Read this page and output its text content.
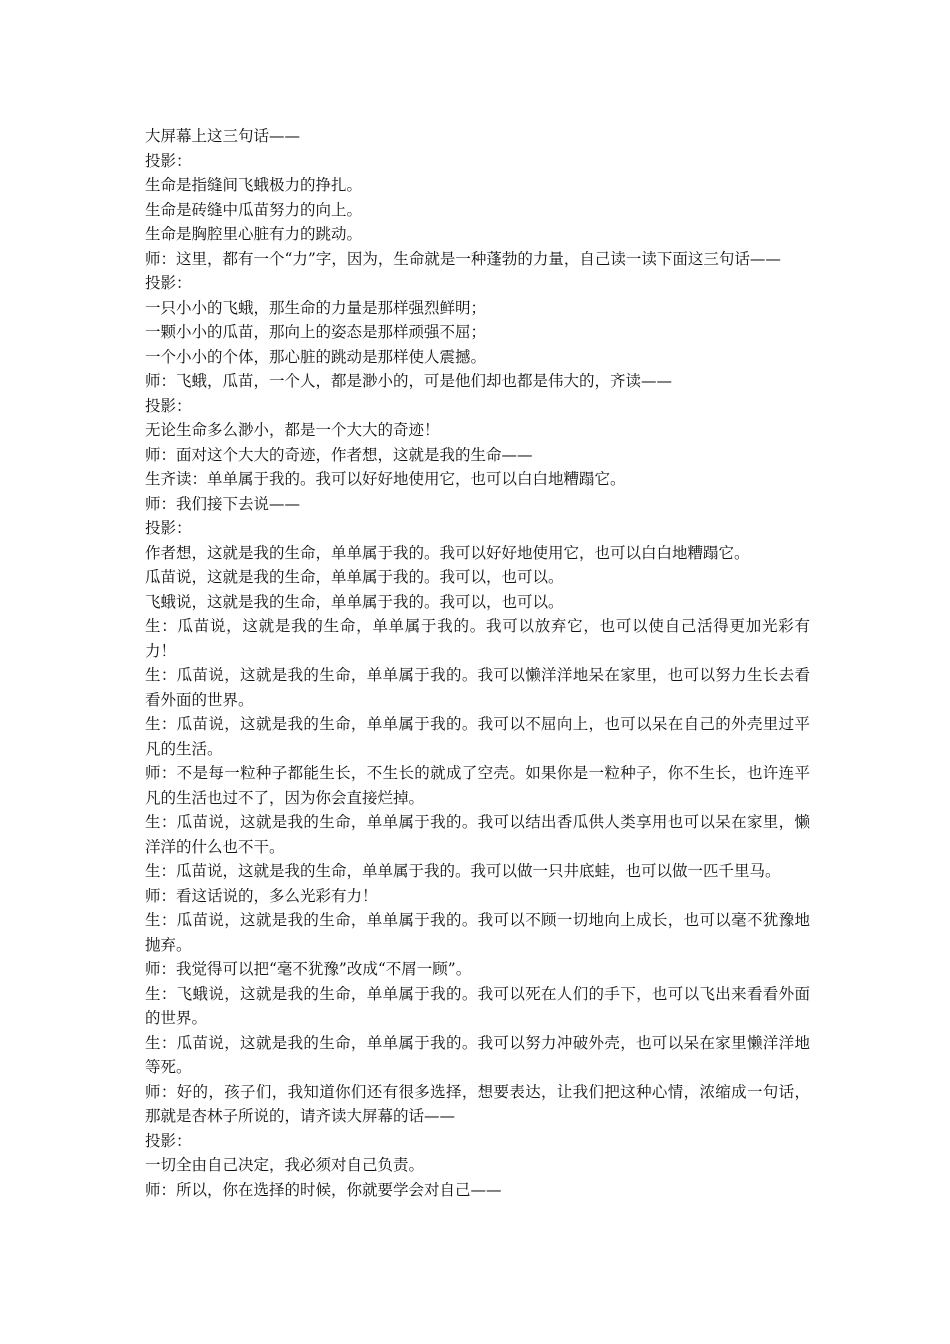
大屏幕上这三句话——

投影：

生命是指缝间飞蛾极力的挣扎。

生命是砖缝中瓜苗努力的向上。

生命是胸腔里心脏有力的跳动。

师：这里，都有一个“力”字，因为，生命就是一种蓬勃的力量，自己读一读下面这三句话——

投影：

一只小小的飞蛾，那生命的力量是那样强烈鲜明；

一颗小小的瓜苗，那向上的姿态是那样顽强不屈；

一个小小的个体，那心脏的跳动是那样使人震撼。

师：飞蛾，瓜苗，一个人，都是渺小的，可是他们却也都是伟大的，齐读——

投影：

无论生命多么渺小，都是一个大大的奇迹！

师：面对这个大大的奇迹，作者想，这就是我的生命——

生齐读：单单属于我的。我可以好好地使用它，也可以白白地糟蹋它。

师：我们接下去说——

投影：

作者想，这就是我的生命，单单属于我的。我可以好好地使用它，也可以白白地糟蹋它。

瓜苗说，这就是我的生命，单单属于我的。我可以，也可以。

飞蛾说，这就是我的生命，单单属于我的。我可以，也可以。

生：瓜苗说，这就是我的生命，单单属于我的。我可以放弃它，也可以使自己活得更加光彩有力！

生：瓜苗说，这就是我的生命，单单属于我的。我可以懒洋洋地呆在家里，也可以努力生长去看看外面的世界。

生：瓜苗说，这就是我的生命，单单属于我的。我可以不屈向上，也可以呆在自己的外壳里过平凡的生活。

师：不是每一粒种子都能生长，不生长的就成了空壳。如果你是一粒种子，你不生长，也许连平凡的生活也过不了，因为你会直接烂掉。

生：瓜苗说，这就是我的生命，单单属于我的。我可以结出香瓜供人类享用也可以呆在家里，懒洋洋的什么也不干。

生：瓜苗说，这就是我的生命，单单属于我的。我可以做一只井底蛙，也可以做一匹千里马。

师：看这话说的，多么光彩有力！

生：瓜苗说，这就是我的生命，单单属于我的。我可以不顾一切地向上成长，也可以毫不犹豫地抛弃。

师：我觉得可以把“毫不犹豫”改成“不屑一顾”。

生：飞蛾说，这就是我的生命，单单属于我的。我可以死在人们的手下，也可以飞出来看看外面的世界。

生：瓜苗说，这就是我的生命，单单属于我的。我可以努力冲破外壳，也可以呆在家里懒洋洋地等死。

师：好的，孩子们，我知道你们还有很多选择，想要表达，让我们把这种心情，浓缩成一句话，那就是杏林子所说的，请齐读大屏幕的话——

投影：

一切全由自己决定，我必须对自己负责。

师：所以，你在选择的时候，你就要学会对自己——
